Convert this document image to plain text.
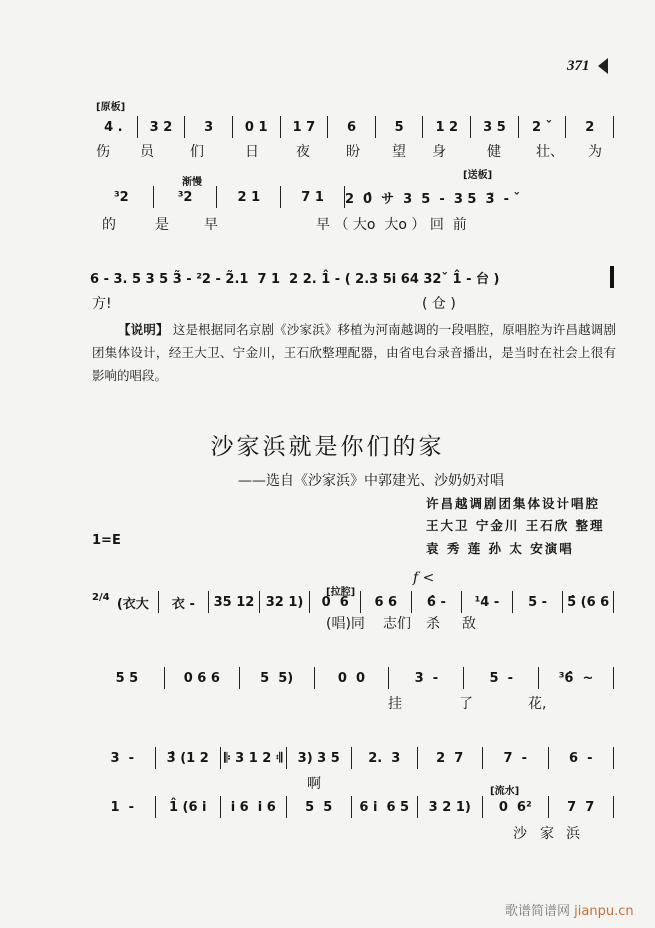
371
[原板]
渐慢
[送板]
4 .	3 2	3	0 1	1 7	6	5	1 2	3 5	2 ˇ	2
³2	³2	2 1	7 1	2  0̂  サ  3  5  -  3 5  3̃  - ˇ
6 - 3. 5 3 5 3̃ - ²2 - 2̃.1  7 1  2 2. 1̂ - ( 2.3 5i 64 32ˇ 1̂ - 台 )
伤 员	们	日	夜	盼 望 身	健	壮、 为
的	是	早	早 （ 大o  大o ） 回  前
方!	( 仓 )
【说明】 这是根据同名京剧《沙家浜》移植为河南越调的一段唱腔，原唱腔为许昌越调剧团集体设计，经王大卫、宁金川，王石欣整理配器，由省电台录音播出，是当时在社会上很有影响的唱段。
沙家浜就是你们的家
——选自《沙家浜》中郭建光、沙奶奶对唱
许昌越调剧团集体设计唱腔
王大卫 宁金川 王石欣 整理
袁 秀 莲 孙 太 安演唱
1=E
[拉腔]
f <
[流水]
2/4 (衣大	衣 -	35 12 32 1)	0  6	6 6	6̂ -	¹4 -	5 -	5̂ (6 6
5 5	0 6 6	5  5)	0  0	3  -	5  -	³6̂  ~
3  -	3̂ (1 2	𝄆 3 1 2 𝄇	3) 3 5	2.  3	2  7	7  -	6  -
1  -	1̂ (6 i	i 6  i 6	5  5	6 i  6 5	3 2 1)	0  6²	7  7
(唱)同 志们 杀 敌
挂	了	花,
啊
沙 家 浜
歌谱简谱网 jianpu.cn
